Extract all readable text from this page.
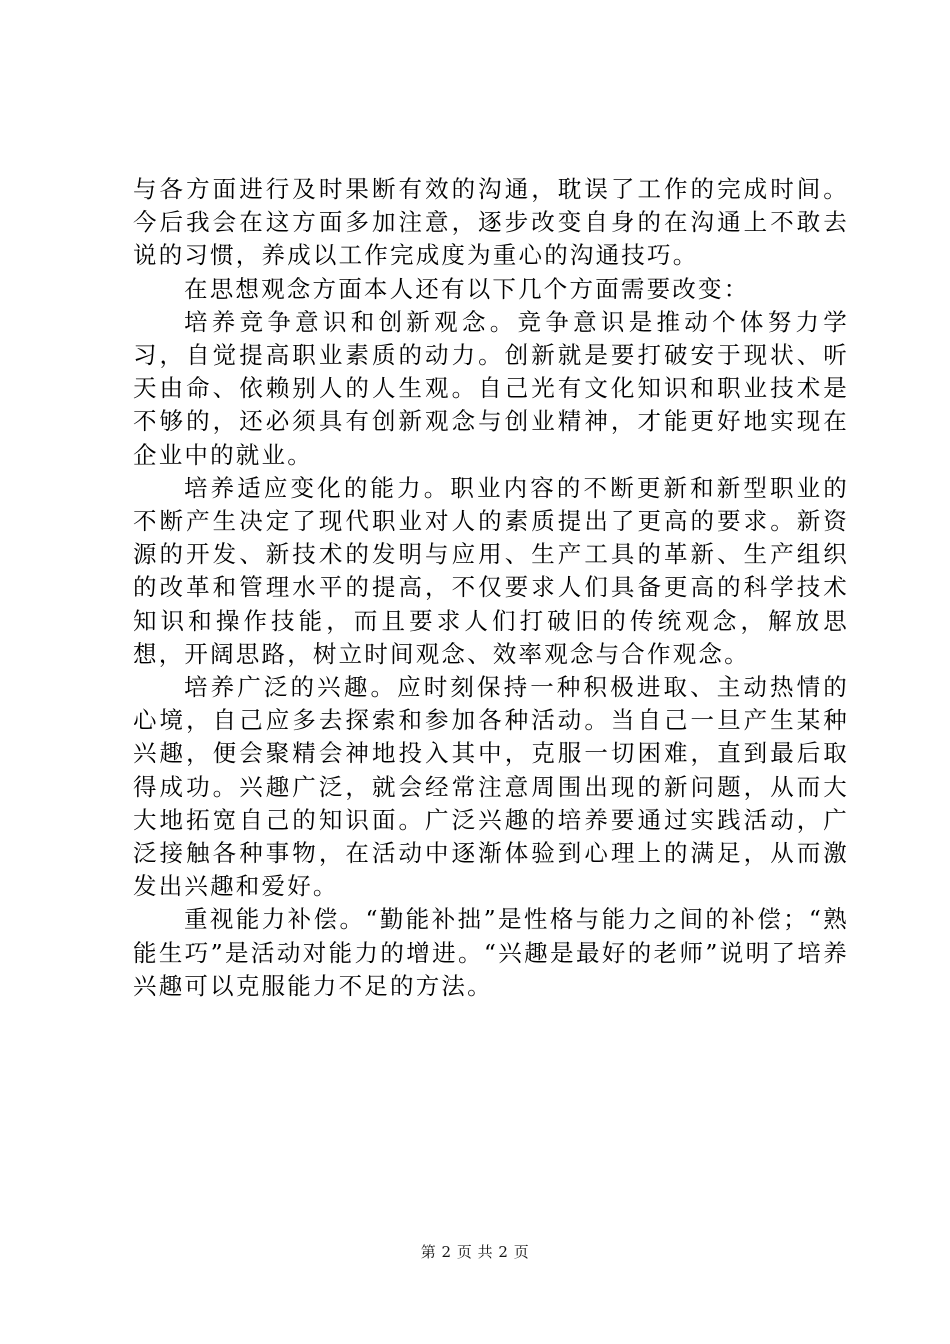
与各方面进行及时果断有效的沟通，耽误了工作的完成时间。今后我会在这方面多加注意，逐步改变自身的在沟通上不敢去说的习惯，养成以工作完成度为重心的沟通技巧。

在思想观念方面本人还有以下几个方面需要改变：

培养竞争意识和创新观念。竞争意识是推动个体努力学习，自觉提高职业素质的动力。创新就是要打破安于现状、听天由命、依赖别人的人生观。自己光有文化知识和职业技术是不够的，还必须具有创新观念与创业精神，才能更好地实现在企业中的就业。

培养适应变化的能力。职业内容的不断更新和新型职业的不断产生决定了现代职业对人的素质提出了更高的要求。新资源的开发、新技术的发明与应用、生产工具的革新、生产组织的改革和管理水平的提高，不仅要求人们具备更高的科学技术知识和操作技能，而且要求人们打破旧的传统观念，解放思想，开阔思路，树立时间观念、效率观念与合作观念。

培养广泛的兴趣。应时刻保持一种积极进取、主动热情的心境，自己应多去探索和参加各种活动。当自己一旦产生某种兴趣，便会聚精会神地投入其中，克服一切困难，直到最后取得成功。兴趣广泛，就会经常注意周围出现的新问题，从而大大地拓宽自己的知识面。广泛兴趣的培养要通过实践活动，广泛接触各种事物，在活动中逐渐体验到心理上的满足，从而激发出兴趣和爱好。

重视能力补偿。“勤能补拙”是性格与能力之间的补偿；“熟能生巧”是活动对能力的增进。“兴趣是最好的老师”说明了培养兴趣可以克服能力不足的方法。

第 2 页 共 2 页
